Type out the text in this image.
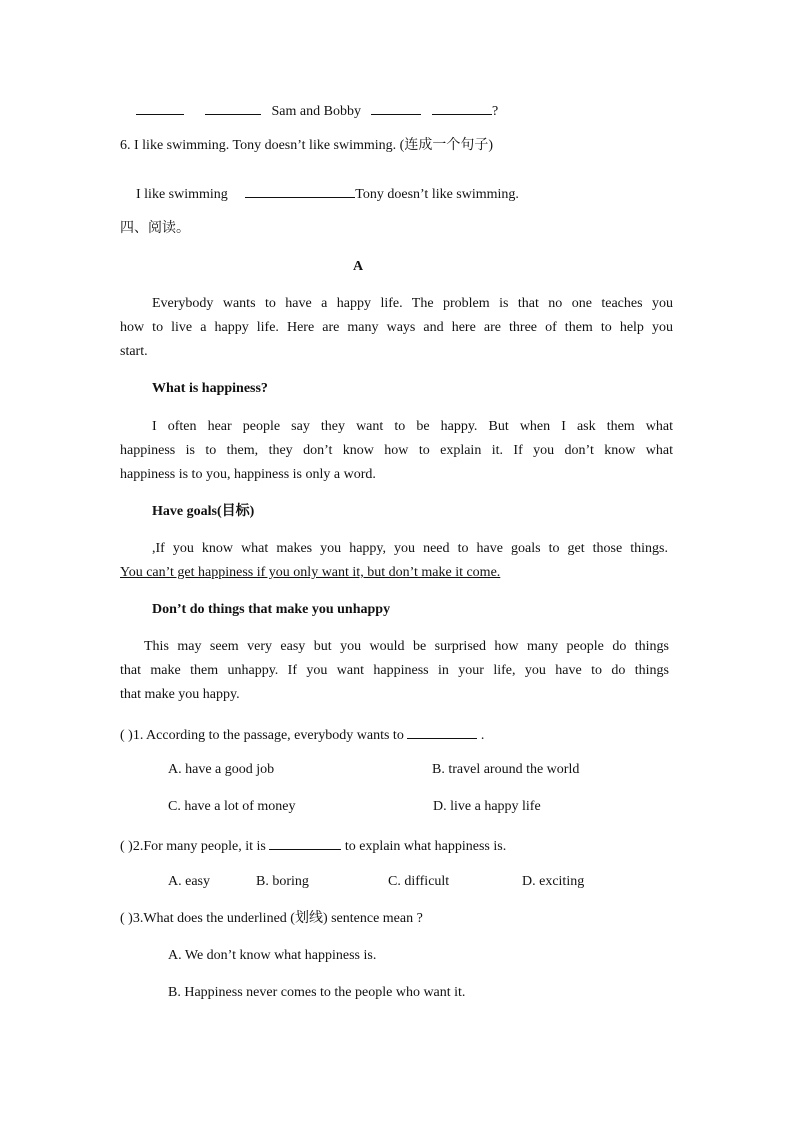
Sam and Bobby	?
6. I like swimming. Tony doesn’t like swimming. (连成一个句子)
I like swimming	Tony doesn’t like swimming.
四、阅读。
A
Everybody wants to have a happy life. The problem is that no one teaches you
how to live a happy life. Here are many ways and here are three of them to help you
start.
What is happiness?
I often hear people say they want to be happy. But when I ask them what
happiness is to them, they don’t know how to explain it. If you don’t know what
happiness is to you, happiness is only a word.
Have goals(目标)
,If you know what makes you happy, you need to have goals to get those things.
You can’t get happiness if you only want it, but don’t make it come.
Don’t do things that make you unhappy
This may seem very easy but you would be surprised how many people do things
that make them unhappy. If you want happiness in your life, you have to do things
that make you happy.
( )1. According to the passage, everybody wants to	.
A. have a good job	B. travel around the world
C. have a lot of money	D. live a happy life
( )2.For many people, it is	to explain what happiness is.
A. easy	B. boring	C. difficult	D. exciting
( )3.What does the underlined (划线) sentence mean ?
A. We don’t know what happiness is.
B. Happiness never comes to the people who want it.
